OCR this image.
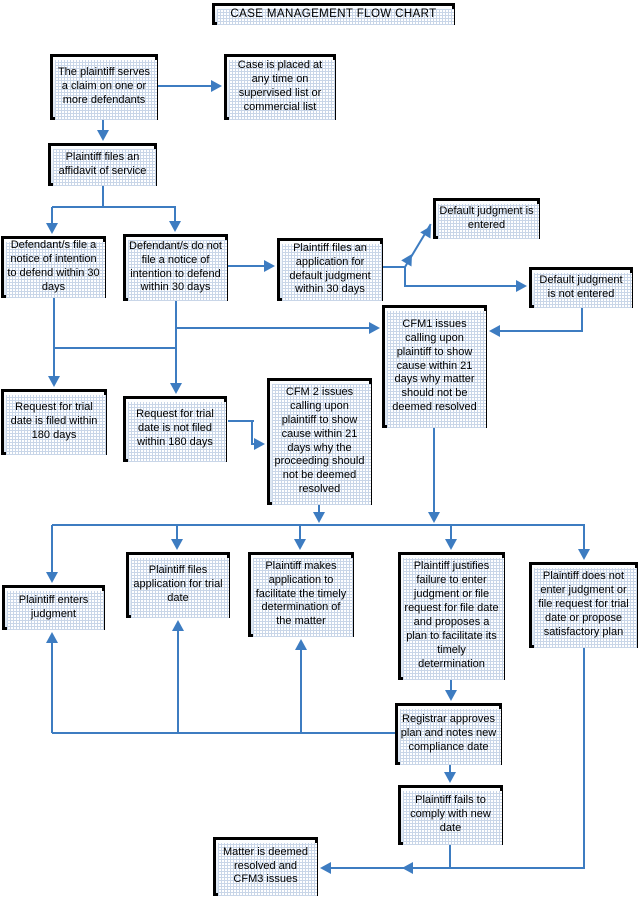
CASE MANAGEMENT FLOW CHART
The plaintiff serves a claim on one or more defendants
Case is placed at any time on supervised list or commercial list
Plaintiff files an affidavit of service
Defendant/s file a notice of intention to defend within 30 days
Defendant/s do not file a notice of intention to defend within 30 days
Plaintiff files an application for default judgment within 30 days
Default judgment is entered
Default judgment is not entered
CFM1 issues calling upon plaintiff to show cause within 21 days why matter should not be deemed resolved
Request for trial date is filed within 180 days
Request for trial date is not filed within 180 days
CFM 2 issues calling upon plaintiff to show cause within 21 days why the proceeding should not be deemed resolved
Plaintiff enters judgment
Plaintiff files application for trial date
Plaintiff makes application to facilitate the timely determination of the matter
Plaintiff justifies failure to enter judgment or file request for file date and proposes a plan to facilitate its timely determination
Plaintiff does not enter judgment or file request for trial date or propose satisfactory plan
Registrar approves plan and notes new compliance date
Plaintiff fails to comply with new date
Matter is deemed resolved and CFM3 issues
